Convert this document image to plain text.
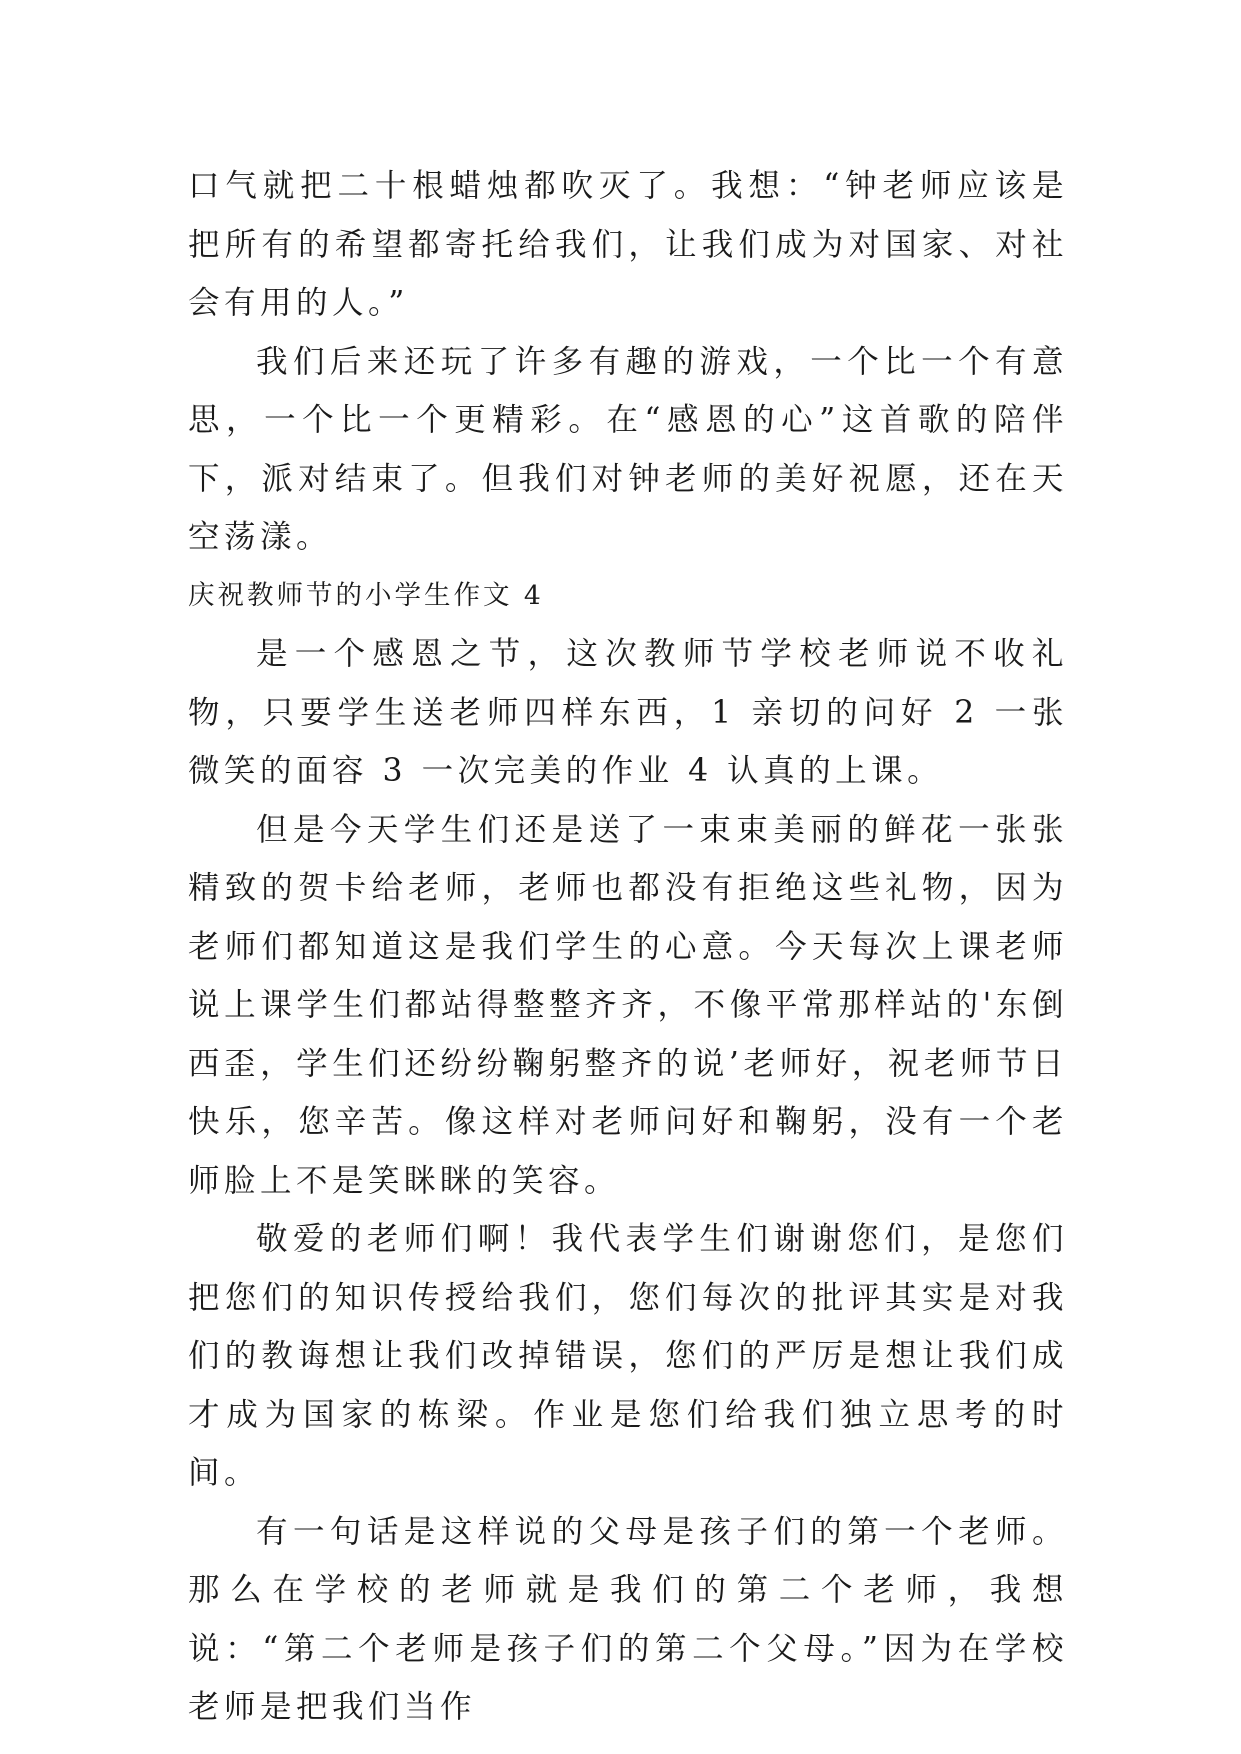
口气就把二十根蜡烛都吹灭了。我想：“钟老师应该是把所有的希望都寄托给我们，让我们成为对国家、对社会有用的人。”

我们后来还玩了许多有趣的游戏，一个比一个有意思，一个比一个更精彩。在“感恩的心”这首歌的陪伴下，派对结束了。但我们对钟老师的美好祝愿，还在天空荡漾。

庆祝教师节的小学生作文 4

是一个感恩之节，这次教师节学校老师说不收礼物，只要学生送老师四样东西，1 亲切的问好 2 一张微笑的面容 3 一次完美的作业 4 认真的上课。

但是今天学生们还是送了一束束美丽的鲜花一张张精致的贺卡给老师，老师也都没有拒绝这些礼物，因为老师们都知道这是我们学生的心意。今天每次上课老师说上课学生们都站得整整齐齐，不像平常那样站的'东倒西歪，学生们还纷纷鞠躬整齐的说’老师好，祝老师节日快乐，您辛苦。像这样对老师问好和鞠躬，没有一个老师脸上不是笑眯眯的笑容。

敬爱的老师们啊！我代表学生们谢谢您们，是您们把您们的知识传授给我们，您们每次的批评其实是对我们的教诲想让我们改掉错误，您们的严厉是想让我们成才成为国家的栋梁。作业是您们给我们独立思考的时间。

有一句话是这样说的父母是孩子们的第一个老师。那么在学校的老师就是我们的第二个老师，我想说：“第二个老师是孩子们的第二个父母。”因为在学校老师是把我们当作
